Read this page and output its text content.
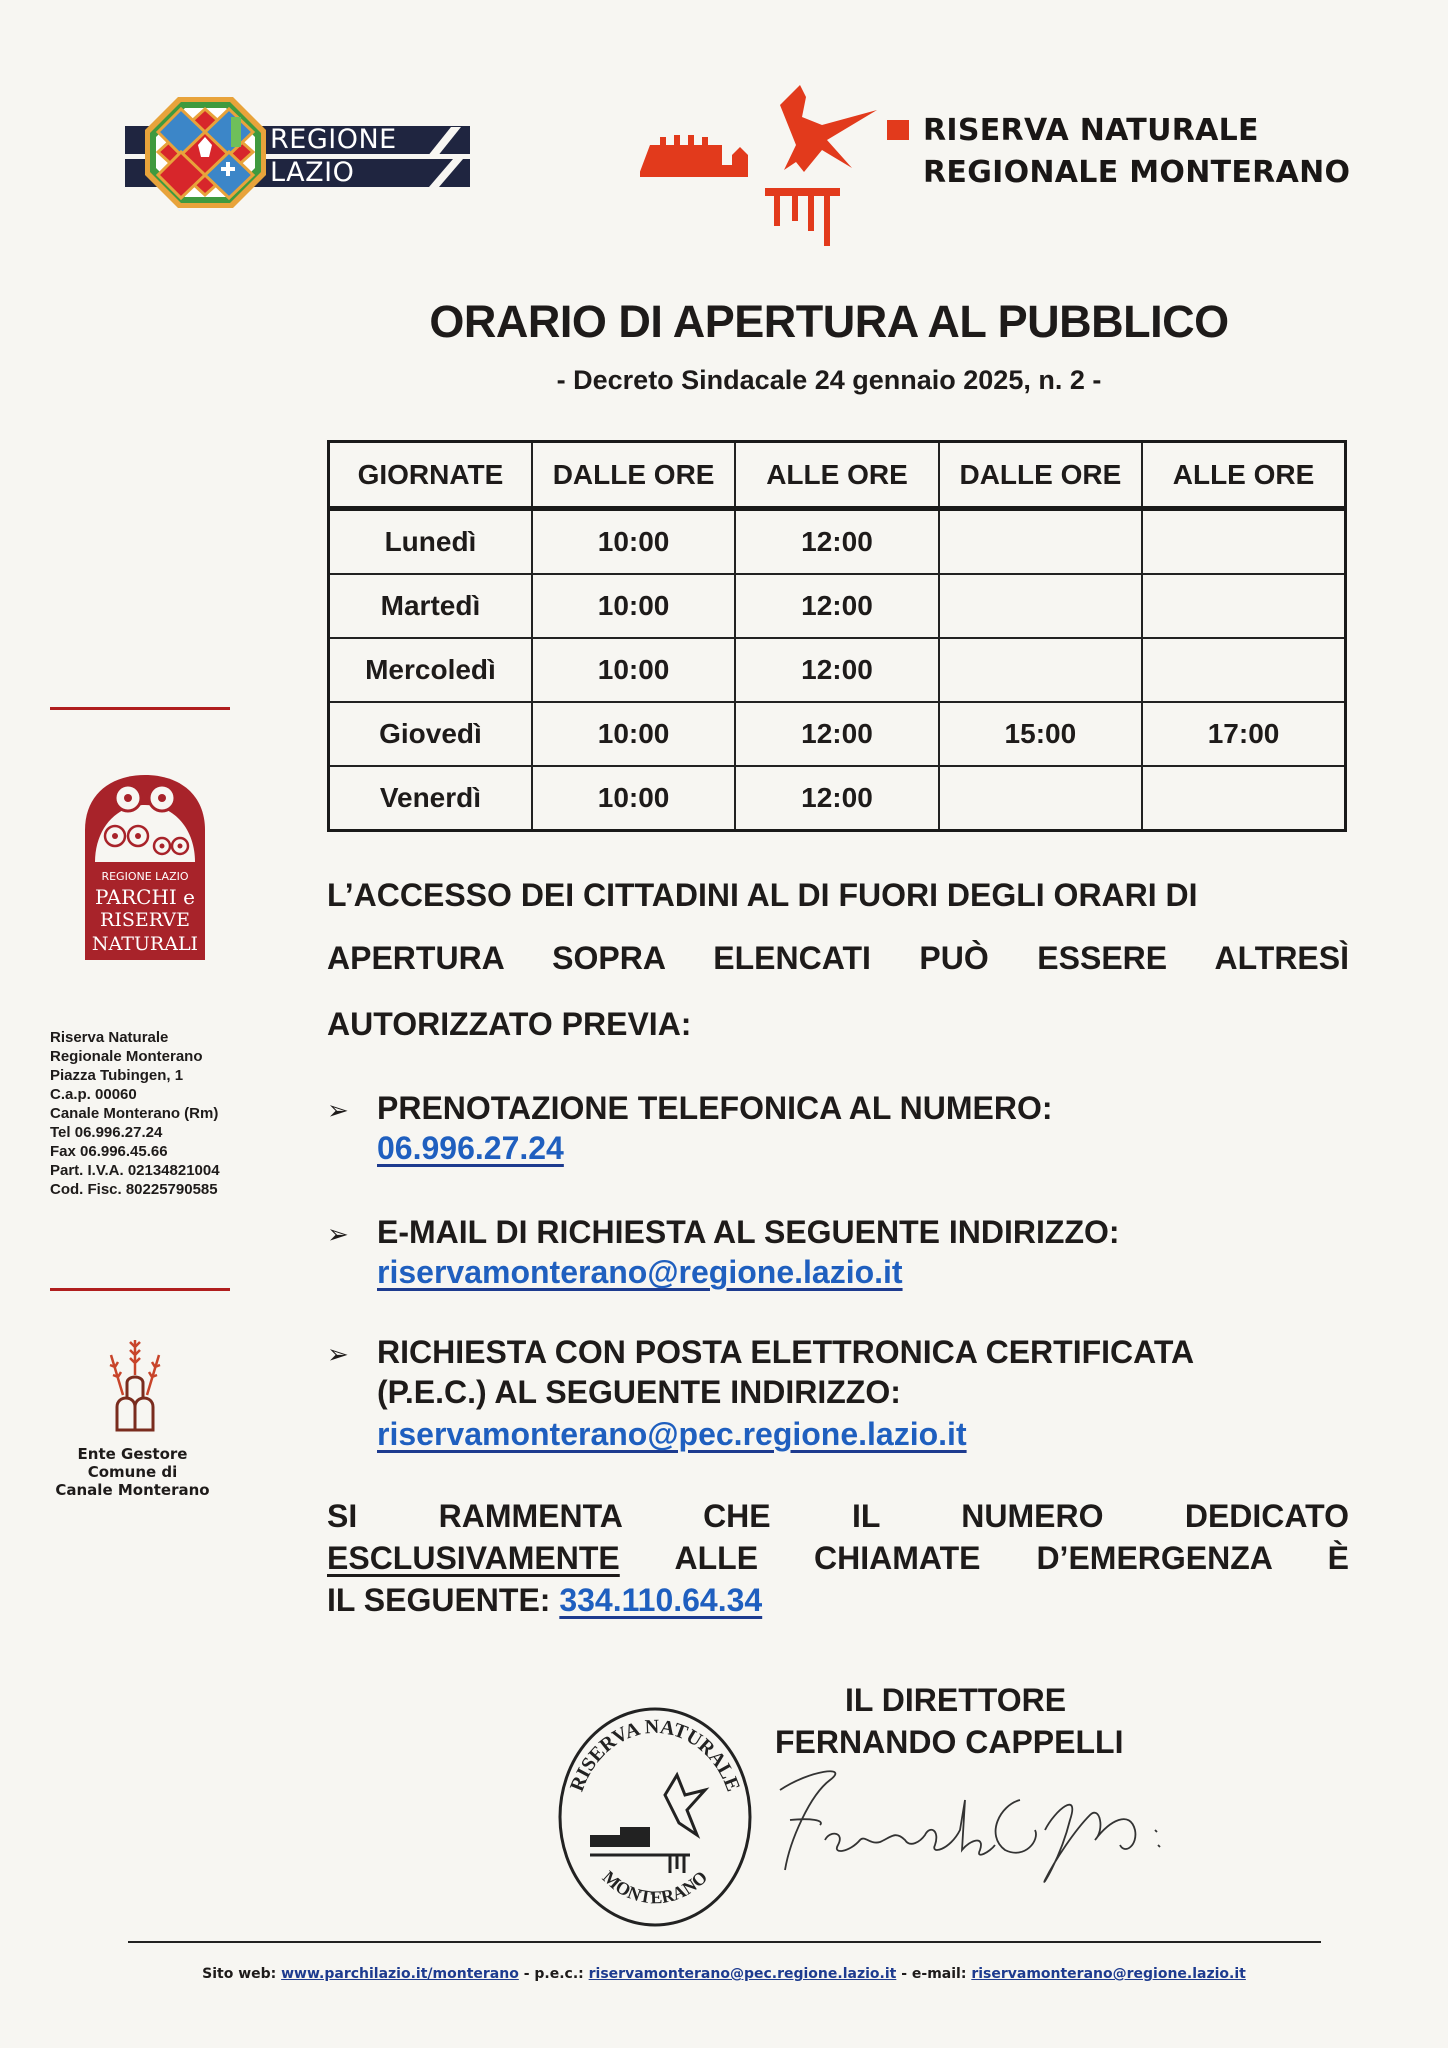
REGIONE
LAZIO
RISERVA NATURALE
REGIONALE MONTERANO
ORARIO DI APERTURA AL PUBBLICO
- Decreto Sindacale 24 gennaio 2025, n. 2 -
GIORNATE	DALLE ORE	ALLE ORE	DALLE ORE	ALLE ORE
Lunedì	10:00	12:00		
Martedì	10:00	12:00		
Mercoledì	10:00	12:00		
Giovedì	10:00	12:00	15:00	17:00
Venerdì	10:00	12:00		
L’ACCESSO DEI CITTADINI AL DI FUORI DEGLI ORARI DI
APERTURA SOPRA ELENCATI PUÒ ESSERE ALTRESÌ
AUTORIZZATO PREVIA:
➢ PRENOTAZIONE TELEFONICA AL NUMERO:
06.996.27.24
➢ E-MAIL DI RICHIESTA AL SEGUENTE INDIRIZZO:
riservamonterano@regione.lazio.it
➢ RICHIESTA CON POSTA ELETTRONICA CERTIFICATA
(P.E.C.) AL SEGUENTE INDIRIZZO:
riservamonterano@pec.regione.lazio.it
SI RAMMENTA CHE IL NUMERO DEDICATO
ESCLUSIVAMENTE ALLE CHIAMATE D’EMERGENZA È
IL SEGUENTE: 334.110.64.34
IL DIRETTORE
FERNANDO CAPPELLI
RISERVA NATURALE
MONTERANO
REGIONE LAZIO
PARCHI e
RISERVE
NATURALI
Riserva Naturale
Regionale Monterano
Piazza Tubingen, 1
C.a.p. 00060
Canale Monterano (Rm)
Tel 06.996.27.24
Fax 06.996.45.66
Part. I.V.A. 02134821004
Cod. Fisc. 80225790585
Ente Gestore
Comune di
Canale Monterano
Sito web: www.parchilazio.it/monterano - p.e.c.: riservamonterano@pec.regione.lazio.it - e-mail: riservamonterano@regione.lazio.it
